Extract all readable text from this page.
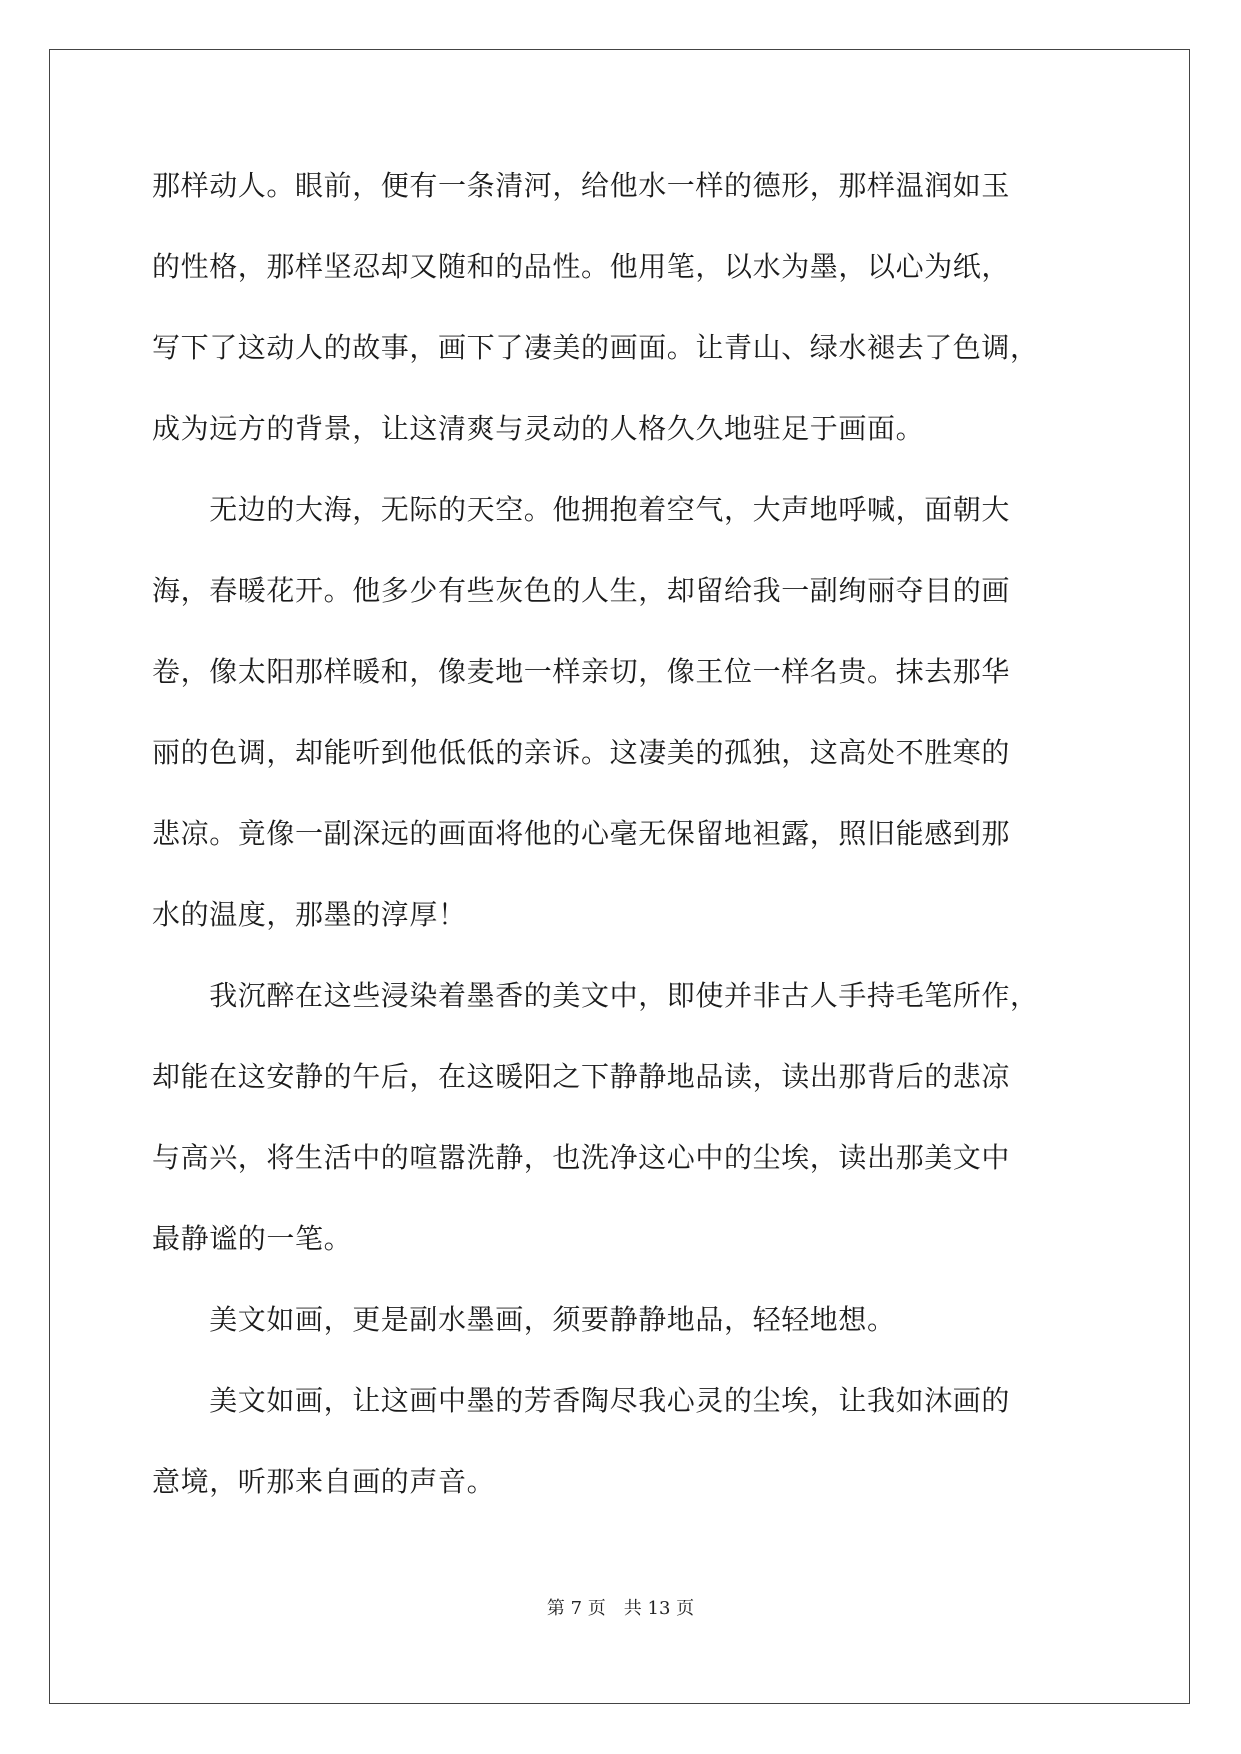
那样动人。眼前，便有一条清河，给他水一样的德形，那样温润如玉
的性格，那样坚忍却又随和的品性。他用笔，以水为墨，以心为纸，
写下了这动人的故事，画下了凄美的画面。让青山、绿水褪去了色调，
成为远方的背景，让这清爽与灵动的人格久久地驻足于画面。
　　无边的大海，无际的天空。他拥抱着空气，大声地呼喊，面朝大
海，春暖花开。他多少有些灰色的人生，却留给我一副绚丽夺目的画
卷，像太阳那样暖和，像麦地一样亲切，像王位一样名贵。抹去那华
丽的色调，却能听到他低低的亲诉。这凄美的孤独，这高处不胜寒的
悲凉。竟像一副深远的画面将他的心毫无保留地袒露，照旧能感到那
水的温度，那墨的淳厚！
　　我沉醉在这些浸染着墨香的美文中，即使并非古人手持毛笔所作，
却能在这安静的午后，在这暖阳之下静静地品读，读出那背后的悲凉
与高兴，将生活中的喧嚣洗静，也洗净这心中的尘埃，读出那美文中
最静谧的一笔。
　　美文如画，更是副水墨画，须要静静地品，轻轻地想。
　　美文如画，让这画中墨的芳香陶尽我心灵的尘埃，让我如沐画的
意境，听那来自画的声音。
第 7 页　共 13 页
